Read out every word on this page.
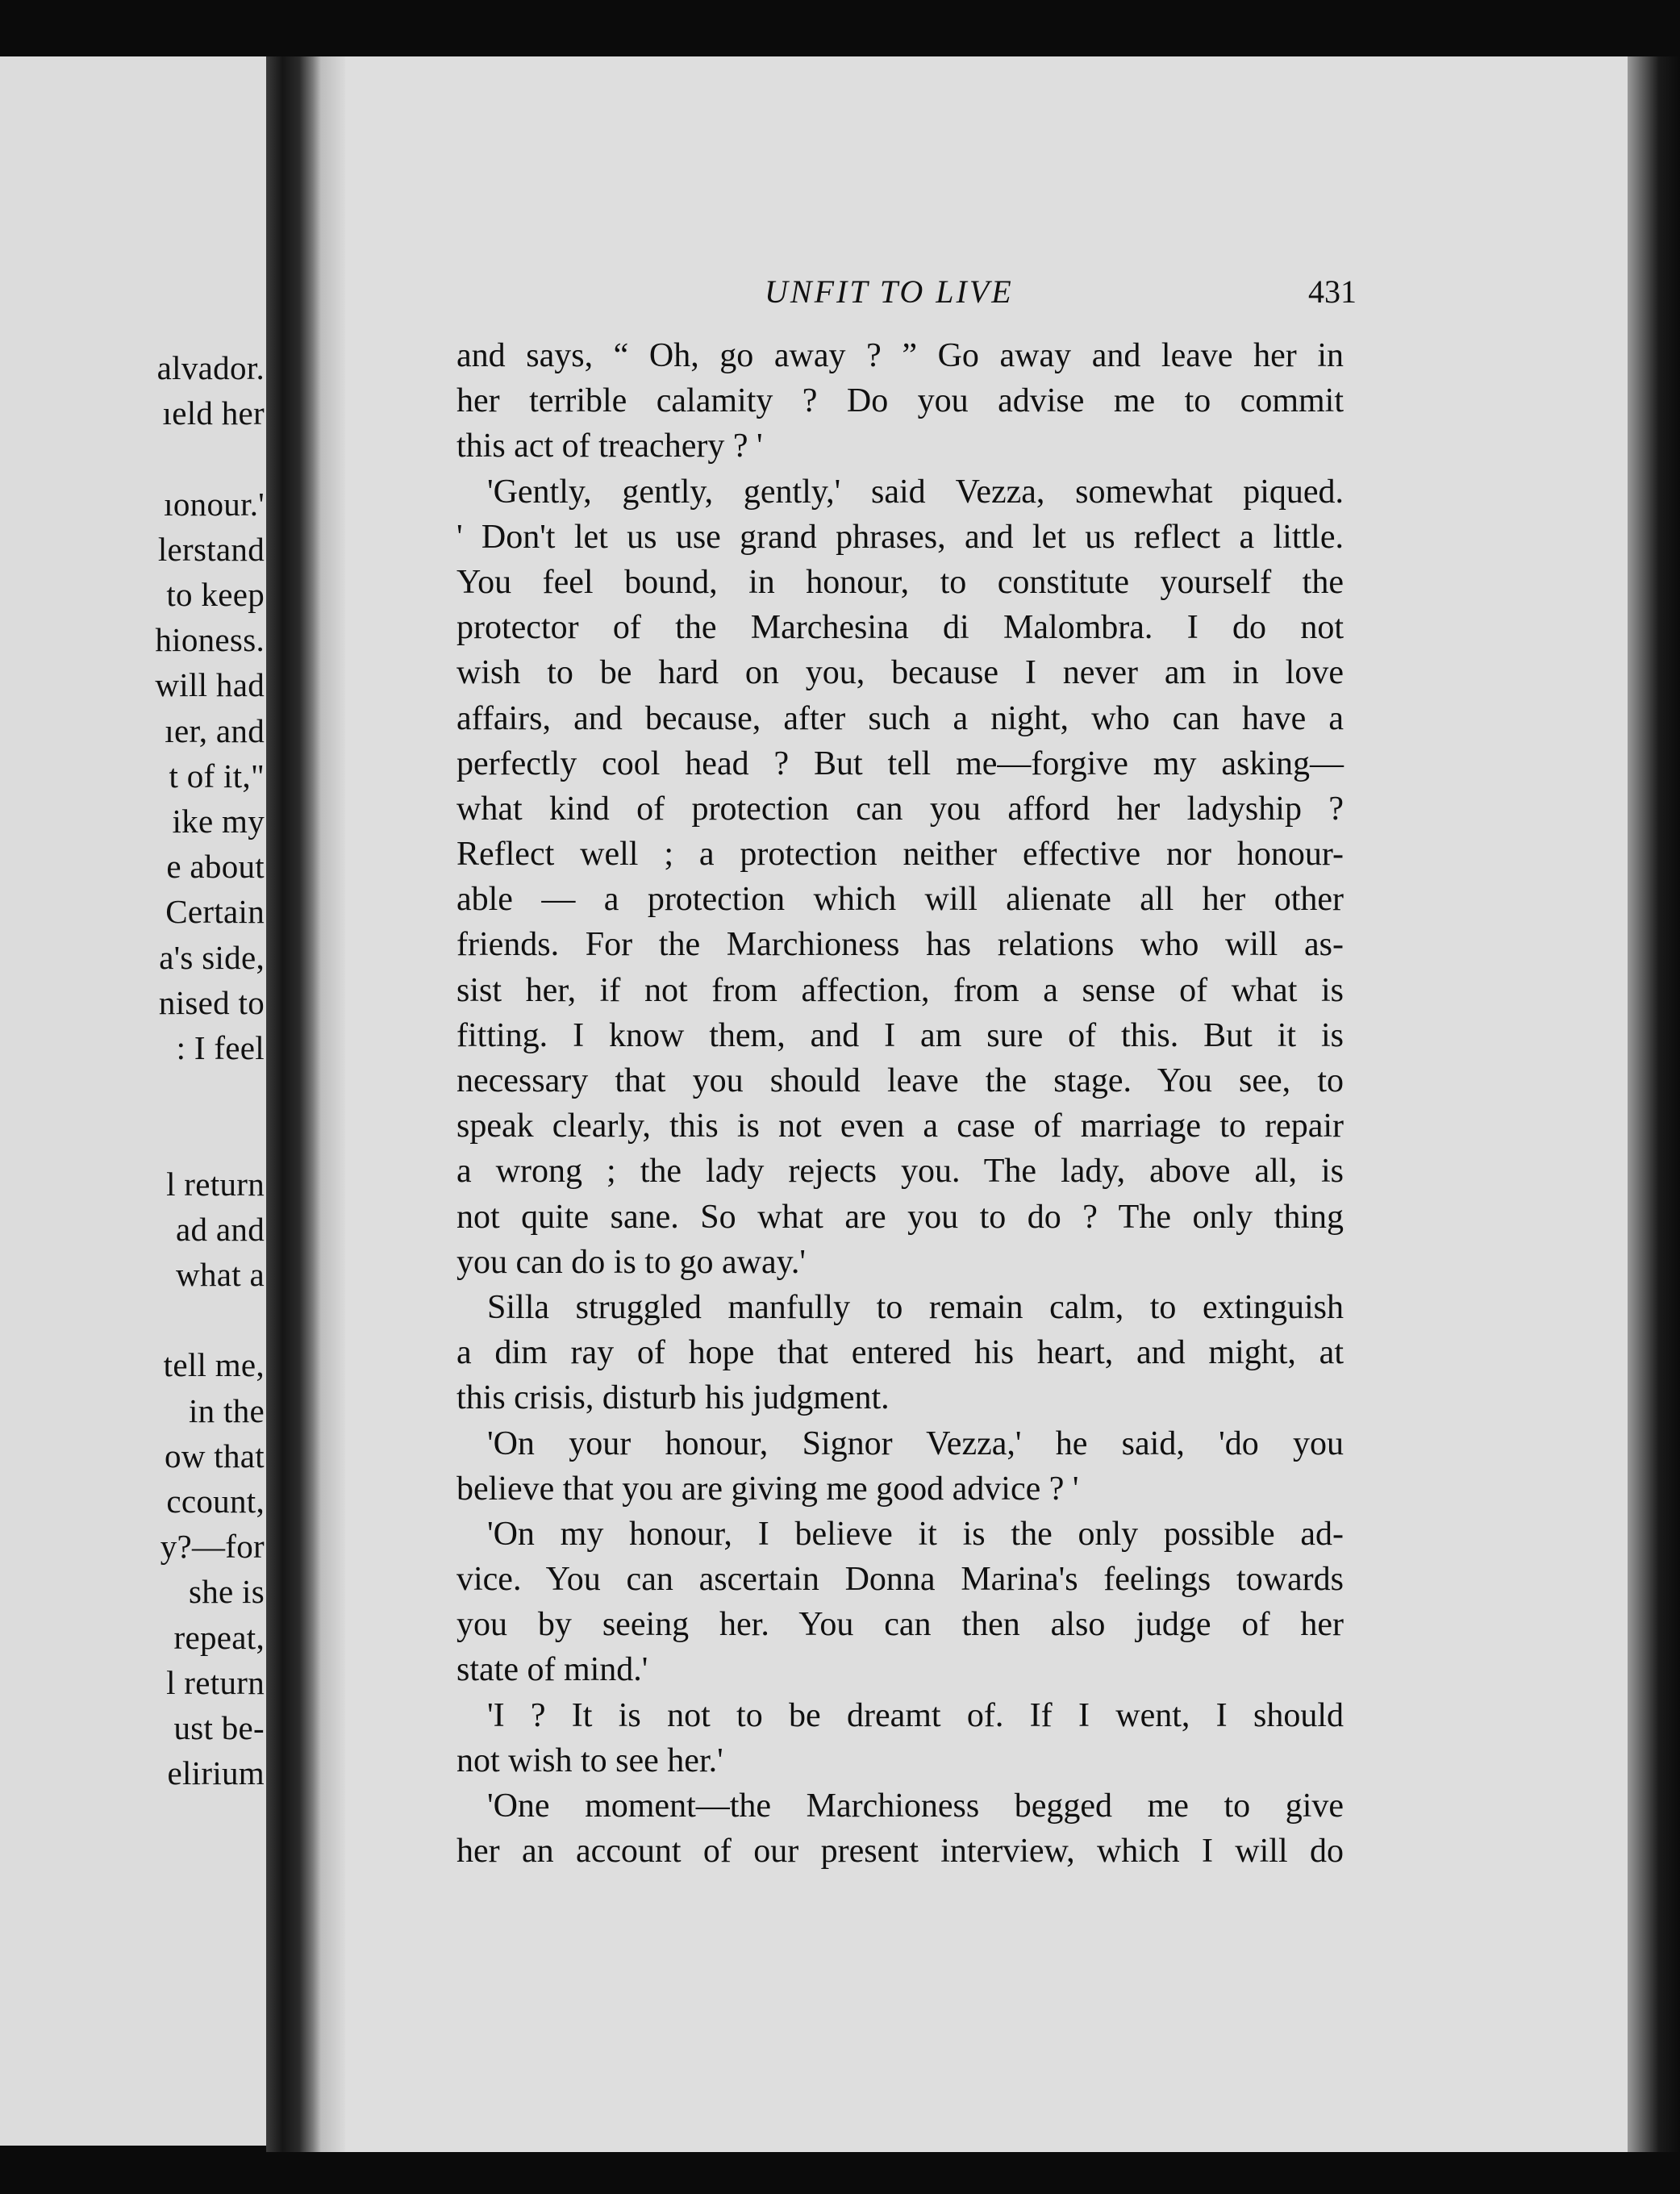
alvador.
ıeld her
ıonour.'
lerstand
to keep
hioness.
will had
ıer, and
t of it,"
ike my
e about
Certain
a's side,
nised to
: I feel
l return
ad and
what a
tell me,
in the
ow that
ccount,
y?—for
she is
repeat,
l return
ust be-
elirium
UNFIT TO LIVE	431
and says, “ Oh, go away ? ” Go away and leave her in
her terrible calamity ? Do you advise me to commit
this act of treachery ? '
'Gently, gently, gently,' said Vezza, somewhat piqued.
' Don't let us use grand phrases, and let us reflect a little.
You feel bound, in honour, to constitute yourself the
protector of the Marchesina di Malombra. I do not
wish to be hard on you, because I never am in love
affairs, and because, after such a night, who can have a
perfectly cool head ? But tell me—forgive my asking—
what kind of protection can you afford her ladyship ?
Reflect well ; a protection neither effective nor honour-
able — a protection which will alienate all her other
friends. For the Marchioness has relations who will as-
sist her, if not from affection, from a sense of what is
fitting. I know them, and I am sure of this. But it is
necessary that you should leave the stage. You see, to
speak clearly, this is not even a case of marriage to repair
a wrong ; the lady rejects you. The lady, above all, is
not quite sane. So what are you to do ? The only thing
you can do is to go away.'
Silla struggled manfully to remain calm, to extinguish
a dim ray of hope that entered his heart, and might, at
this crisis, disturb his judgment.
'On your honour, Signor Vezza,' he said, 'do you
believe that you are giving me good advice ? '
'On my honour, I believe it is the only possible ad-
vice. You can ascertain Donna Marina's feelings towards
you by seeing her. You can then also judge of her
state of mind.'
'I ? It is not to be dreamt of. If I went, I should
not wish to see her.'
'One moment—the Marchioness begged me to give
her an account of our present interview, which I will do
